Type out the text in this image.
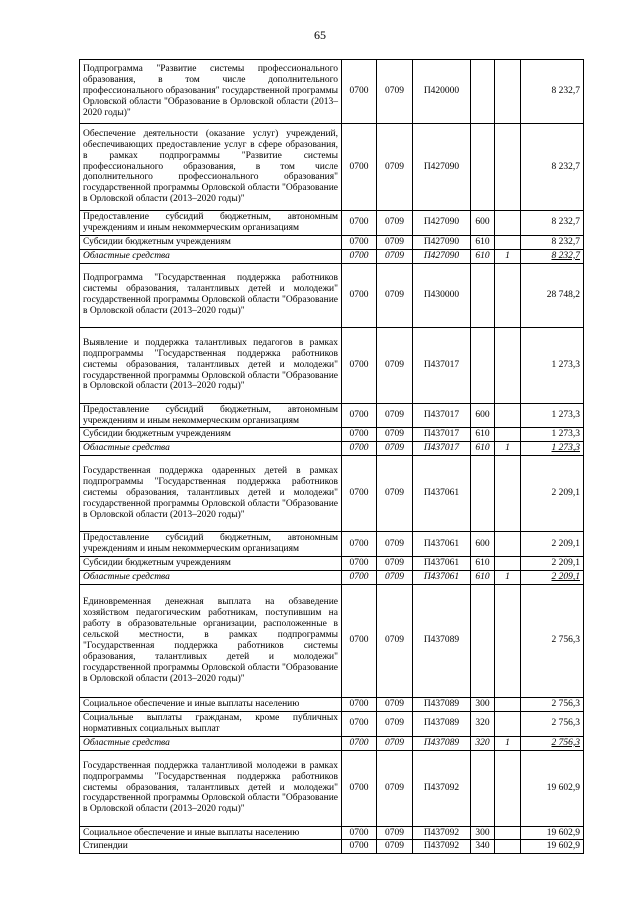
65
Подпрограмма "Развитие системы профессионального образования, в том числе дополнительного профессионального образования" государственной программы Орловской области "Образование в Орловской области (2013–2020 годы)"	0700	0709	П420000			8 232,7
Обеспечение деятельности (оказание услуг) учреждений, обеспечивающих предоставление услуг в сфере образования, в рамках подпрограммы "Развитие системы профессионального образования, в том числе дополнительного профессионального образования" государственной программы Орловской области "Образование в Орловской области (2013–2020 годы)"	0700	0709	П427090			8 232,7
Предоставление субсидий бюджетным, автономным учреждениям и иным некоммерческим организациям	0700	0709	П427090	600		8 232,7
Субсидии бюджетным учреждениям	0700	0709	П427090	610		8 232,7
Областные средства	0700	0709	П427090	610	1	8 232,7
Подпрограмма "Государственная поддержка работников системы образования, талантливых детей и молодежи" государственной программы Орловской области "Образование в Орловской области (2013–2020 годы)"	0700	0709	П430000			28 748,2
Выявление и поддержка талантливых педагогов в рамках подпрограммы "Государственная поддержка работников системы образования, талантливых детей и молодежи" государственной программы Орловской области "Образование в Орловской области (2013–2020 годы)"	0700	0709	П437017			1 273,3
Предоставление субсидий бюджетным, автономным учреждениям и иным некоммерческим организациям	0700	0709	П437017	600		1 273,3
Субсидии бюджетным учреждениям	0700	0709	П437017	610		1 273,3
Областные средства	0700	0709	П437017	610	1	1 273,3
Государственная поддержка одаренных детей в рамках подпрограммы "Государственная поддержка работников системы образования, талантливых детей и молодежи" государственной программы Орловской области "Образование в Орловской области (2013–2020 годы)"	0700	0709	П437061			2 209,1
Предоставление субсидий бюджетным, автономным учреждениям и иным некоммерческим организациям	0700	0709	П437061	600		2 209,1
Субсидии бюджетным учреждениям	0700	0709	П437061	610		2 209,1
Областные средства	0700	0709	П437061	610	1	2 209,1
Единовременная денежная выплата на обзаведение хозяйством педагогическим работникам, поступившим на работу в образовательные организации, расположенные в сельской местности, в рамках подпрограммы "Государственная поддержка работников системы образования, талантливых детей и молодежи" государственной программы Орловской области "Образование в Орловской области (2013–2020 годы)"	0700	0709	П437089			2 756,3
Социальное обеспечение и иные выплаты населению	0700	0709	П437089	300		2 756,3
Социальные выплаты гражданам, кроме публичных нормативных социальных выплат	0700	0709	П437089	320		2 756,3
Областные средства	0700	0709	П437089	320	1	2 756,3
Государственная поддержка талантливой молодежи в рамках подпрограммы "Государственная поддержка работников системы образования, талантливых детей и молодежи" государственной программы Орловской области "Образование в Орловской области (2013–2020 годы)"	0700	0709	П437092			19 602,9
Социальное обеспечение и иные выплаты населению	0700	0709	П437092	300		19 602,9
Стипендии	0700	0709	П437092	340		19 602,9
